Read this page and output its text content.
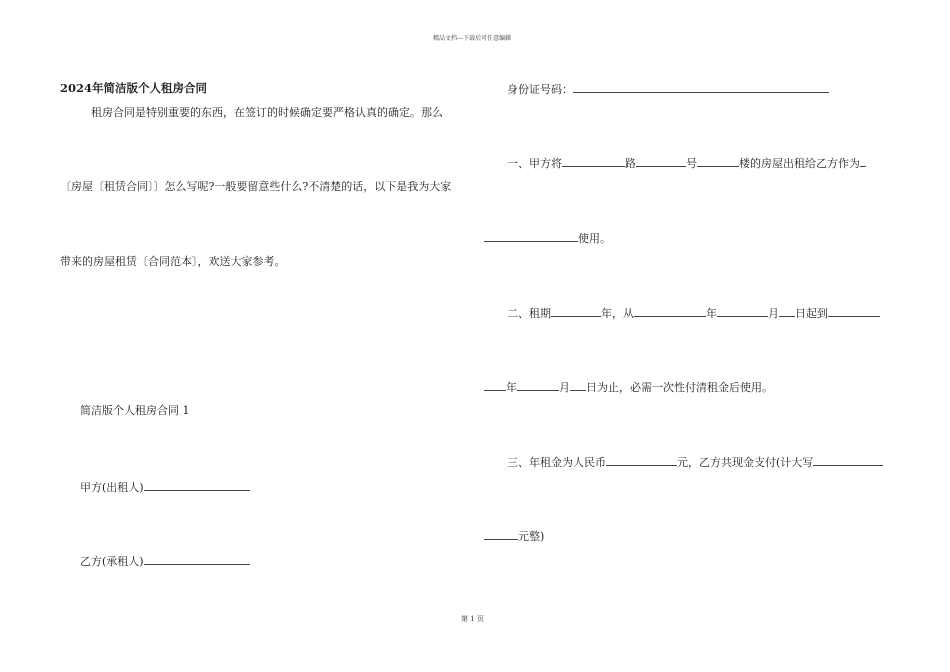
精品文档---下载后可任意编辑
第 1 页
2024年简洁版个人租房合同
租房合同是特别重要的东西，在签订的时候确定要严格认真的确定。那么
〔房屋〔租赁合同〕〕怎么写呢?一般要留意些什么?不清楚的话，以下是我为大家
带来的房屋租赁〔合同范本〕，欢送大家参考。
简洁版个人租房合同 1
甲方(出租人)
乙方(承租人)
身份证号码：
一、甲方将	路	号	楼的房屋出租给乙方作为
使用。
二、租期	年，从	年	月 日起到
年	月 日为止，必需一次性付清租金后使用。
三、年租金为人民币	元，乙方共现金支付(计大写
元整)
